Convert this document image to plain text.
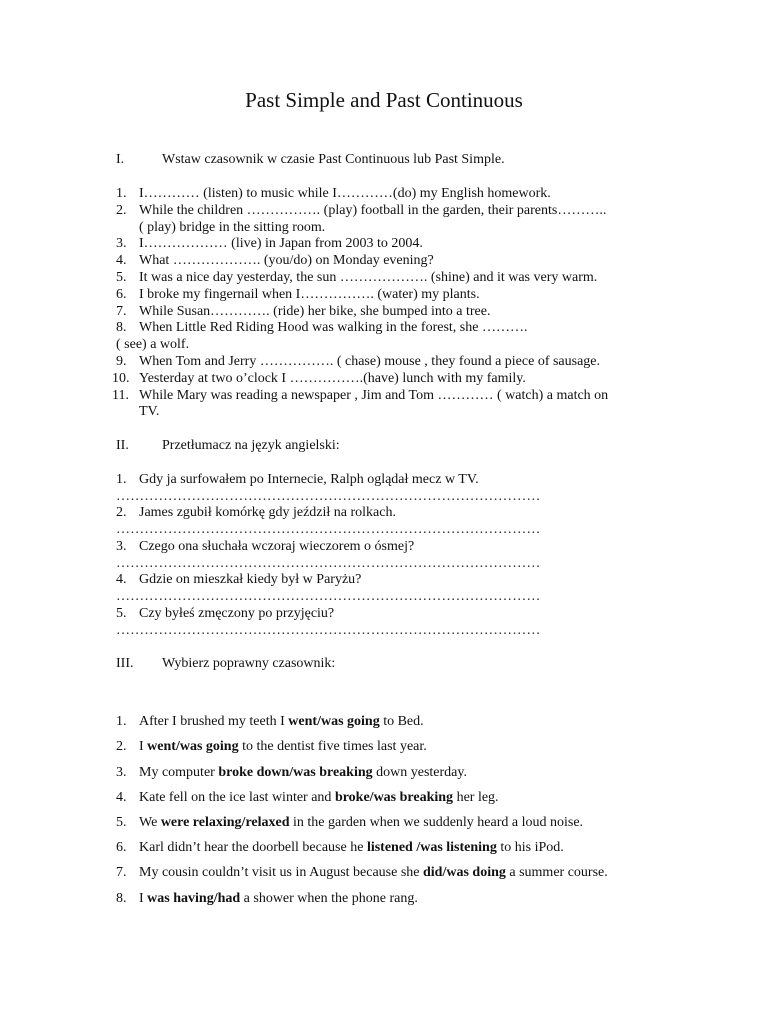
Past Simple and Past Continuous
I.	Wstaw czasownik w czasie Past Continuous lub Past Simple.
1. I………… (listen) to music while I…………(do) my English homework.
2. While the children ……………. (play) football in the garden, their parents………..
( play) bridge in the sitting room.
3. I……………… (live) in Japan from 2003 to 2004.
4. What ………………. (you/do) on Monday evening?
5. It was a nice day yesterday, the sun ………………. (shine) and it was very warm.
6. I broke my fingernail when I……………. (water) my plants.
7. While Susan…………. (ride) her bike, she bumped into a tree.
8. When Little Red Riding Hood was walking in the forest, she ……….
( see) a wolf.
9. When Tom and Jerry ……………. ( chase) mouse , they found a piece of sausage.
10. Yesterday at two o’clock I …………….(have) lunch with my family.
11. While Mary was reading a newspaper , Jim and Tom ………… ( watch) a match on
TV.
II. Przetłumacz na język angielski:
1. Gdy ja surfowałem po Internecie, Ralph oglądał mecz w TV.
………………………………………………………………………………
2. James zgubił komórkę gdy jeździł na rolkach.
………………………………………………………………………………
3. Czego ona słuchała wczoraj wieczorem o ósmej?
………………………………………………………………………………
4. Gdzie on mieszkał kiedy był w Paryżu?
………………………………………………………………………………
5. Czy byłeś zmęczony po przyjęciu?
………………………………………………………………………………
III. Wybierz poprawny czasownik:
1. After I brushed my teeth I went/was going to Bed.
2. I went/was going to the dentist five times last year.
3. My computer broke down/was breaking down yesterday.
4. Kate fell on the ice last winter and broke/was breaking her leg.
5. We were relaxing/relaxed in the garden when we suddenly heard a loud noise.
6. Karl didn’t hear the doorbell because he listened /was listening to his iPod.
7. My cousin couldn’t visit us in August because she did/was doing a summer course.
8. I was having/had a shower when the phone rang.
